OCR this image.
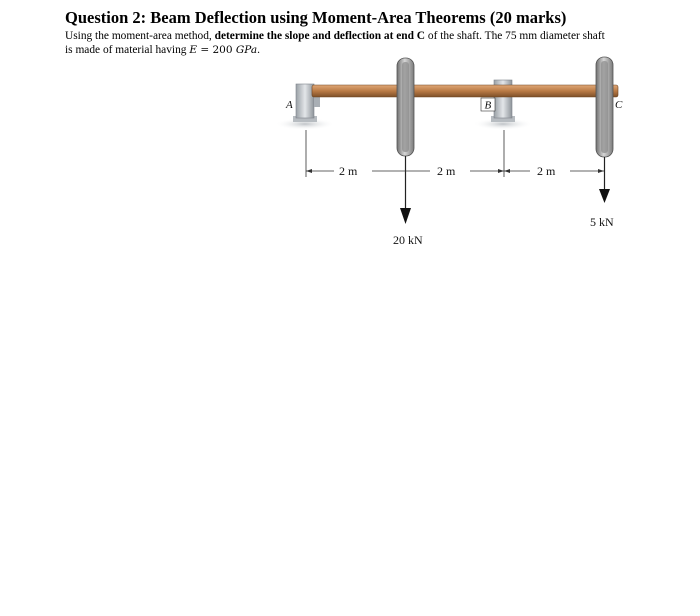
Question 2: Beam Deflection using Moment-Area Theorems (20 marks)

Using the moment-area method, determine the slope and deflection at end C of the shaft. The 75 mm diameter shaft
is made of material having E = 200 GPa.

A	B	C
2 m	2 m	2 m
20 kN
5 kN
